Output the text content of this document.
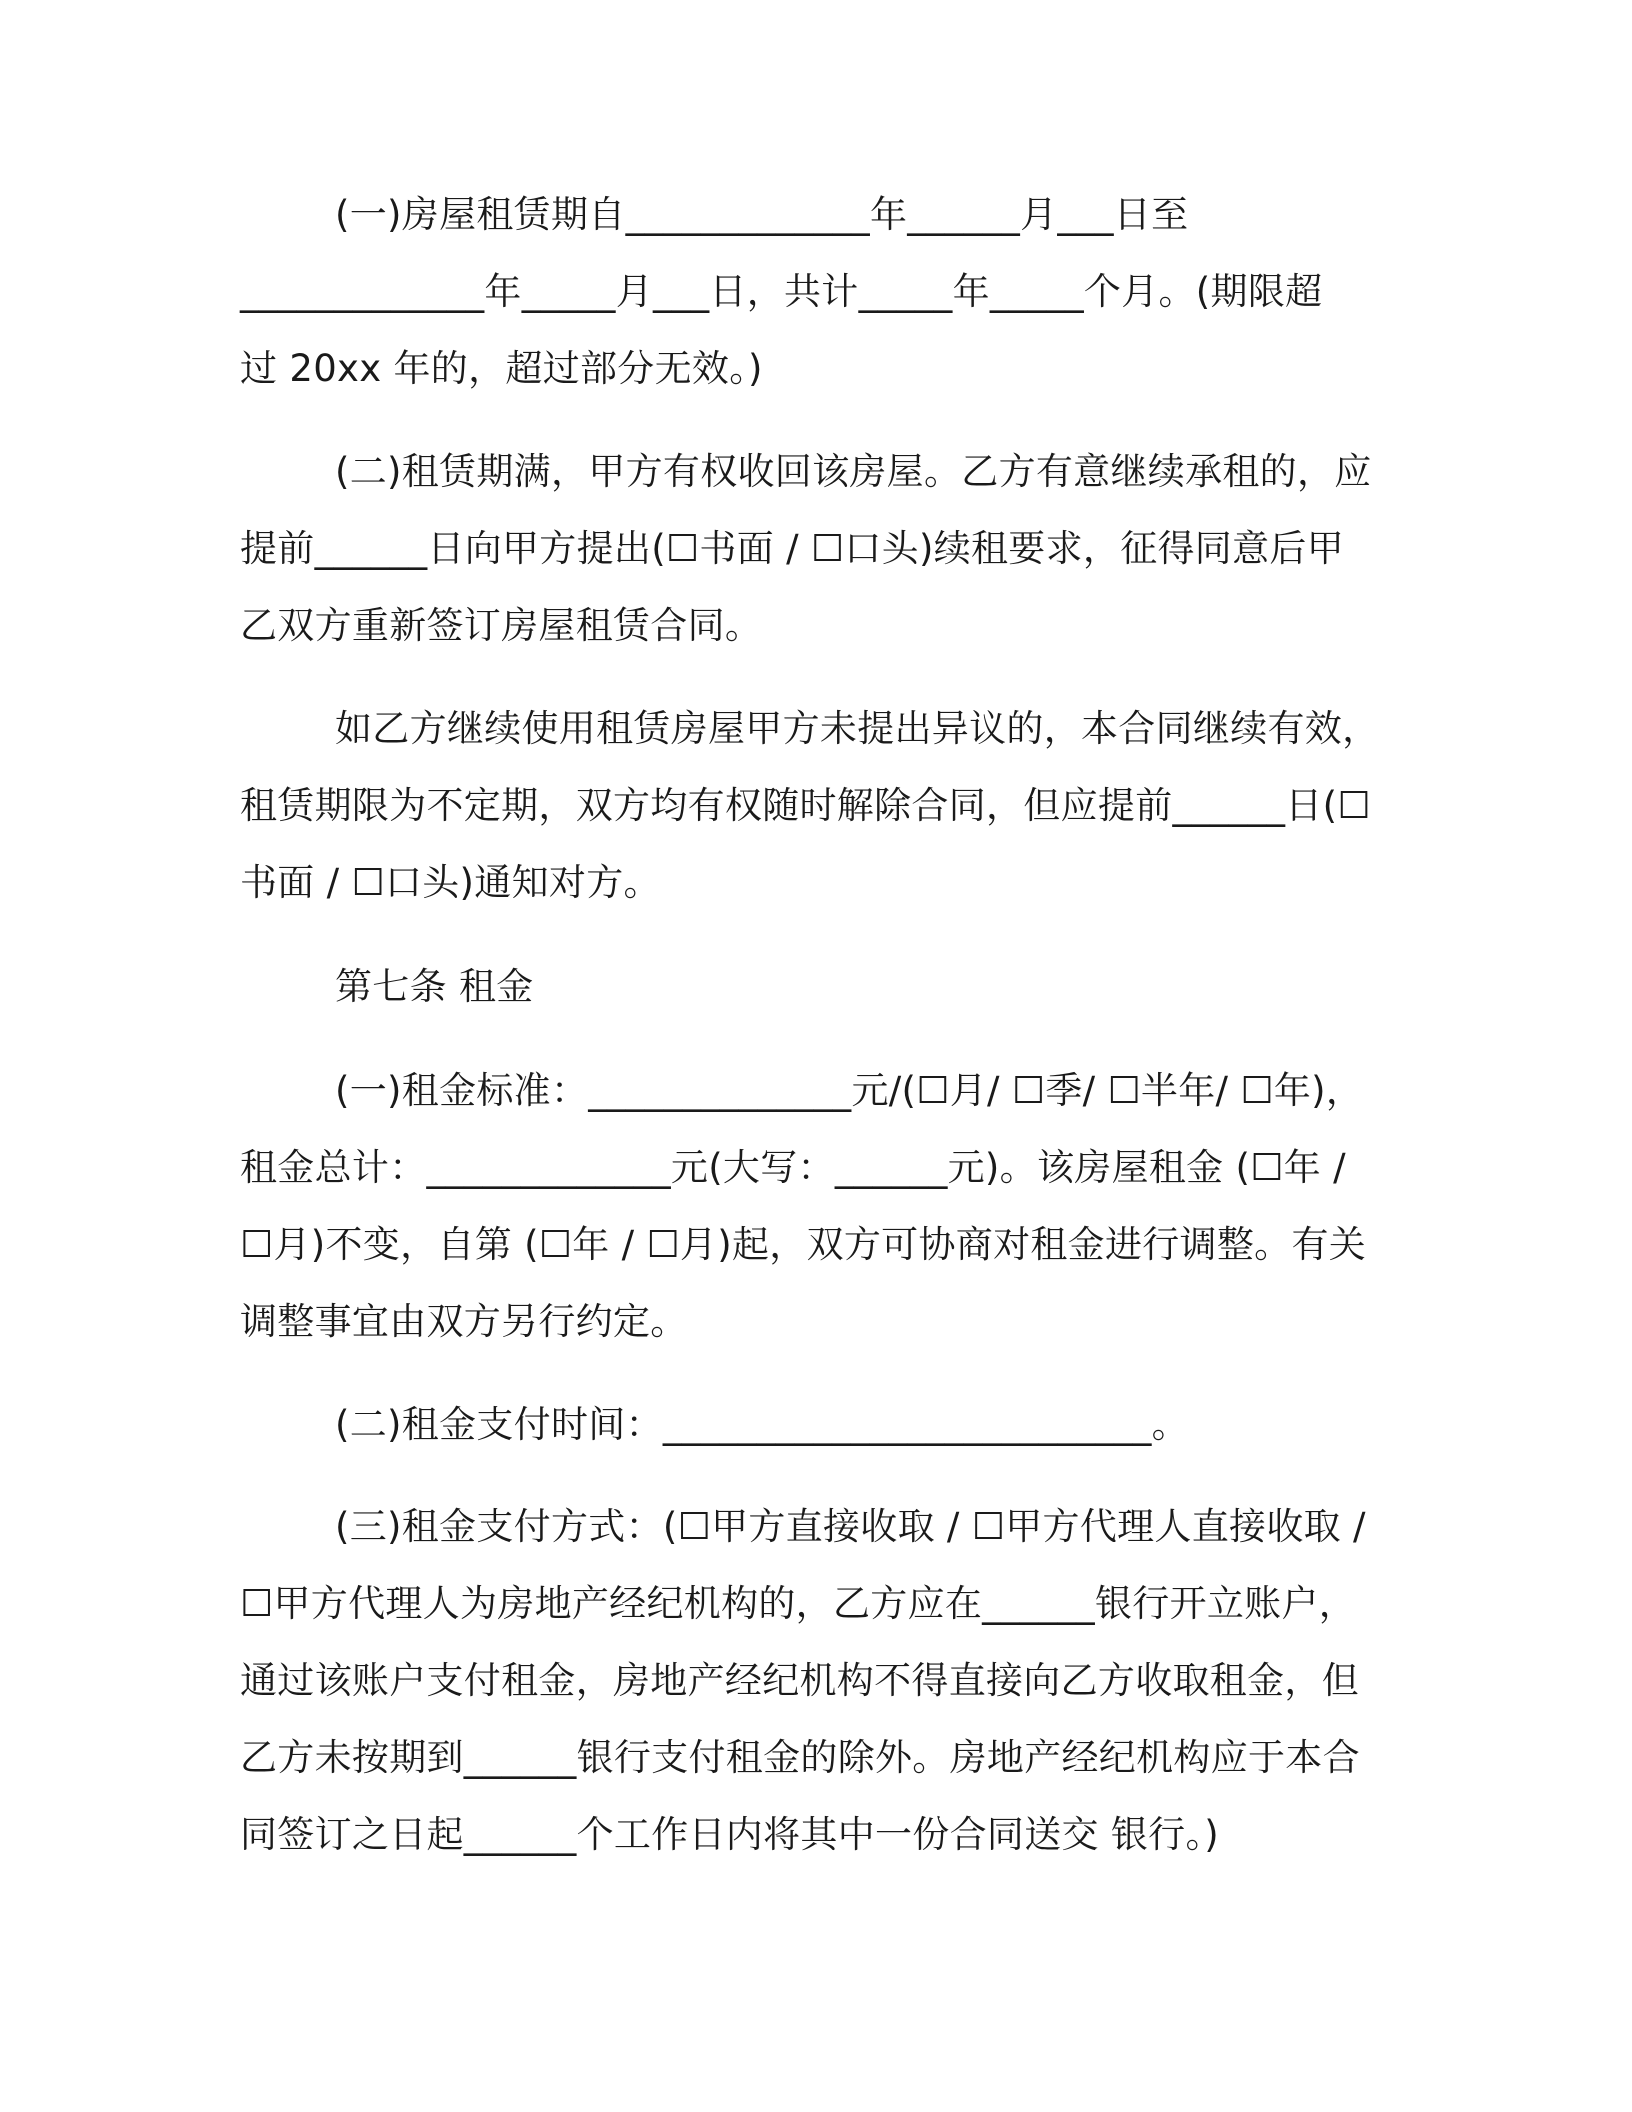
(一)房屋租赁期自_____________年______月___日至
_____________年_____月___日，共计_____年_____个月。(期限超
过 20xx 年的，超过部分无效。)
(二)租赁期满，甲方有权收回该房屋。乙方有意继续承租的，应
提前______日向甲方提出(☐书面 / ☐口头)续租要求，征得同意后甲
乙双方重新签订房屋租赁合同。
如乙方继续使用租赁房屋甲方未提出异议的，本合同继续有效，
租赁期限为不定期，双方均有权随时解除合同，但应提前______日(☐
书面 / ☐口头)通知对方。
第七条 租金
(一)租金标准：______________元/(☐月/ ☐季/ ☐半年/ ☐年)，
租金总计：_____________元(大写：______元)。该房屋租金 (☐年 /
☐月)不变，自第 (☐年 / ☐月)起，双方可协商对租金进行调整。有关
调整事宜由双方另行约定。
(二)租金支付时间：__________________________。
(三)租金支付方式：(☐甲方直接收取 / ☐甲方代理人直接收取 /
☐甲方代理人为房地产经纪机构的，乙方应在______银行开立账户，
通过该账户支付租金，房地产经纪机构不得直接向乙方收取租金，但
乙方未按期到______银行支付租金的除外。房地产经纪机构应于本合
同签订之日起______个工作日内将其中一份合同送交 银行。)
